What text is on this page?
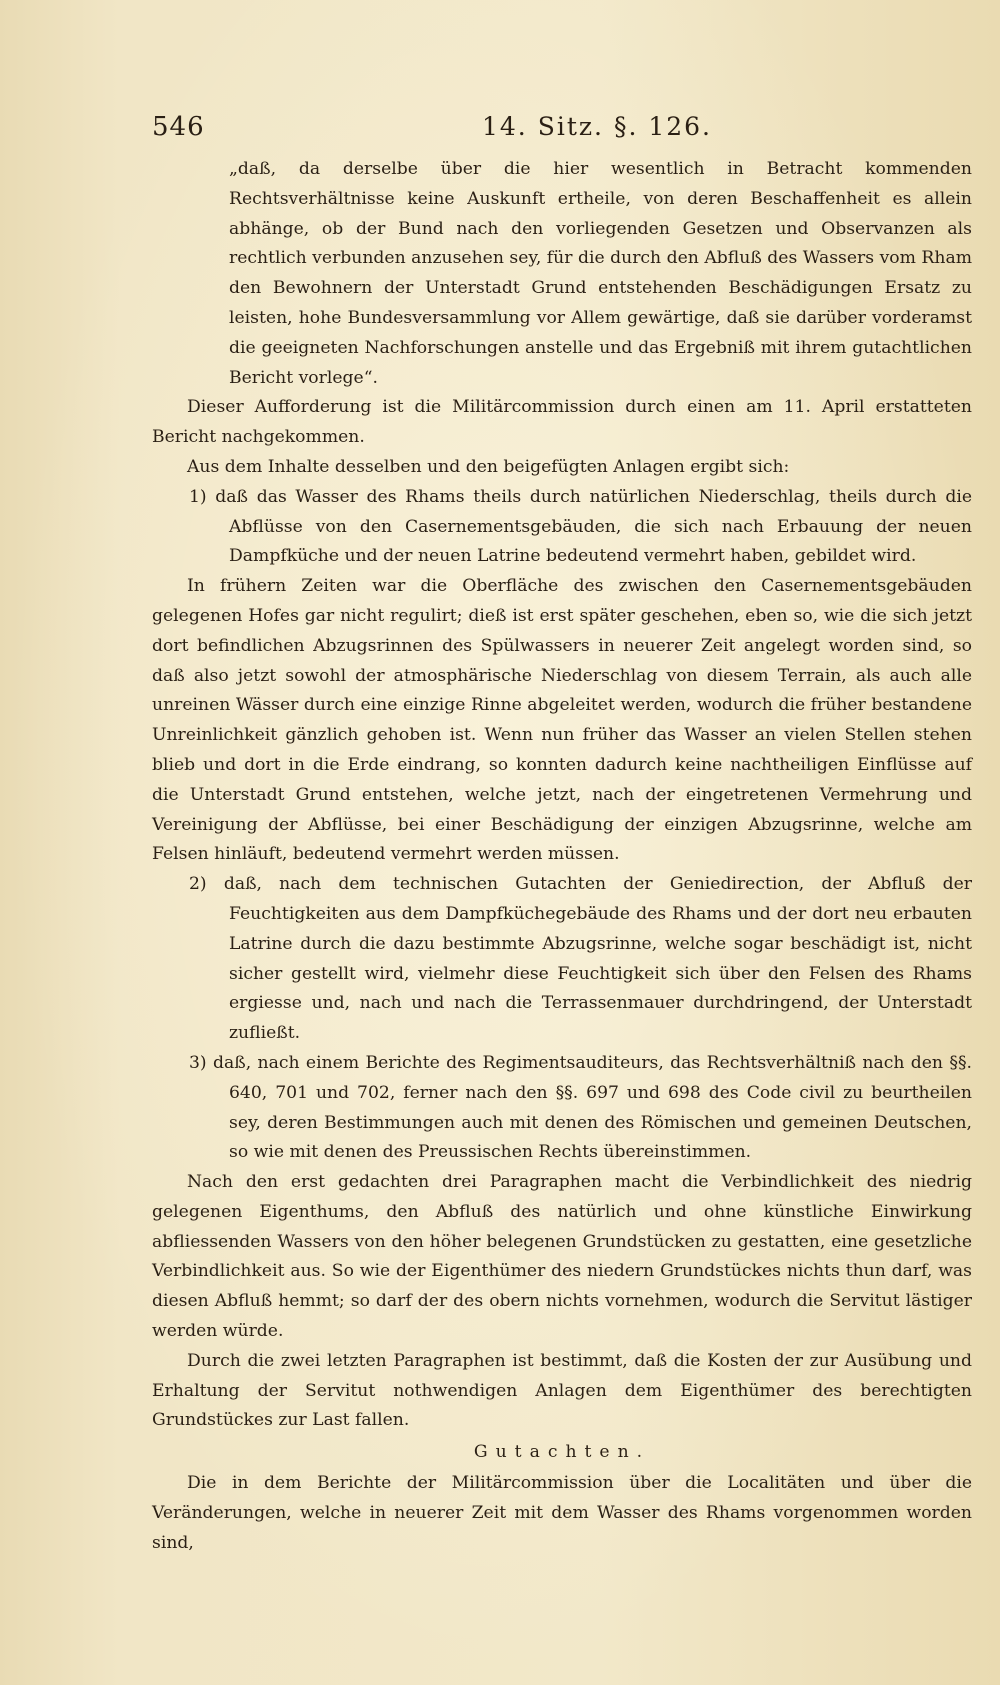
546	14. Sitz. §. 126.

„daß, da derselbe über die hier wesentlich in Betracht kommenden Rechtsverhältnisse keine Auskunft ertheile, von deren Beschaffenheit es allein abhänge, ob der Bund nach den vorliegenden Gesetzen und Observanzen als rechtlich verbunden anzusehen sey, für die durch den Abfluß des Wassers vom Rham den Bewohnern der Unterstadt Grund entstehenden Beschädigungen Ersatz zu leisten, hohe Bundesversammlung vor Allem gewärtige, daß sie darüber vorderamst die geeigneten Nachforschungen anstelle und das Ergebniß mit ihrem gutachtlichen Bericht vorlege“.

Dieser Aufforderung ist die Militärcommission durch einen am 11. April erstatteten Bericht nachgekommen.

Aus dem Inhalte desselben und den beigefügten Anlagen ergibt sich:

1) daß das Wasser des Rhams theils durch natürlichen Niederschlag, theils durch die Abflüsse von den Casernementsgebäuden, die sich nach Erbauung der neuen Dampfküche und der neuen Latrine bedeutend vermehrt haben, gebildet wird.

In frühern Zeiten war die Oberfläche des zwischen den Casernementsgebäuden gelegenen Hofes gar nicht regulirt; dieß ist erst später geschehen, eben so, wie die sich jetzt dort befindlichen Abzugsrinnen des Spülwassers in neuerer Zeit angelegt worden sind, so daß also jetzt sowohl der atmosphärische Niederschlag von diesem Terrain, als auch alle unreinen Wässer durch eine einzige Rinne abgeleitet werden, wodurch die früher bestandene Unreinlichkeit gänzlich gehoben ist. Wenn nun früher das Wasser an vielen Stellen stehen blieb und dort in die Erde eindrang, so konnten dadurch keine nachtheiligen Einflüsse auf die Unterstadt Grund entstehen, welche jetzt, nach der eingetretenen Vermehrung und Vereinigung der Abflüsse, bei einer Beschädigung der einzigen Abzugsrinne, welche am Felsen hinläuft, bedeutend vermehrt werden müssen.

2) daß, nach dem technischen Gutachten der Geniedirection, der Abfluß der Feuchtigkeiten aus dem Dampfküchegebäude des Rhams und der dort neu erbauten Latrine durch die dazu bestimmte Abzugsrinne, welche sogar beschädigt ist, nicht sicher gestellt wird, vielmehr diese Feuchtigkeit sich über den Felsen des Rhams ergiesse und, nach und nach die Terrassenmauer durchdringend, der Unterstadt zufließt.

3) daß, nach einem Berichte des Regimentsauditeurs, das Rechtsverhältniß nach den §§. 640, 701 und 702, ferner nach den §§. 697 und 698 des Code civil zu beurtheilen sey, deren Bestimmungen auch mit denen des Römischen und gemeinen Deutschen, so wie mit denen des Preussischen Rechts übereinstimmen.

Nach den erst gedachten drei Paragraphen macht die Verbindlichkeit des niedrig gelegenen Eigenthums, den Abfluß des natürlich und ohne künstliche Einwirkung abfliessenden Wassers von den höher belegenen Grundstücken zu gestatten, eine gesetzliche Verbindlichkeit aus. So wie der Eigenthümer des niedern Grundstückes nichts thun darf, was diesen Abfluß hemmt; so darf der des obern nichts vornehmen, wodurch die Servitut lästiger werden würde.

Durch die zwei letzten Paragraphen ist bestimmt, daß die Kosten der zur Ausübung und Erhaltung der Servitut nothwendigen Anlagen dem Eigenthümer des berechtigten Grundstückes zur Last fallen.

Gutachten.

Die in dem Berichte der Militärcommission über die Localitäten und über die Veränderungen, welche in neuerer Zeit mit dem Wasser des Rhams vorgenommen worden sind,
